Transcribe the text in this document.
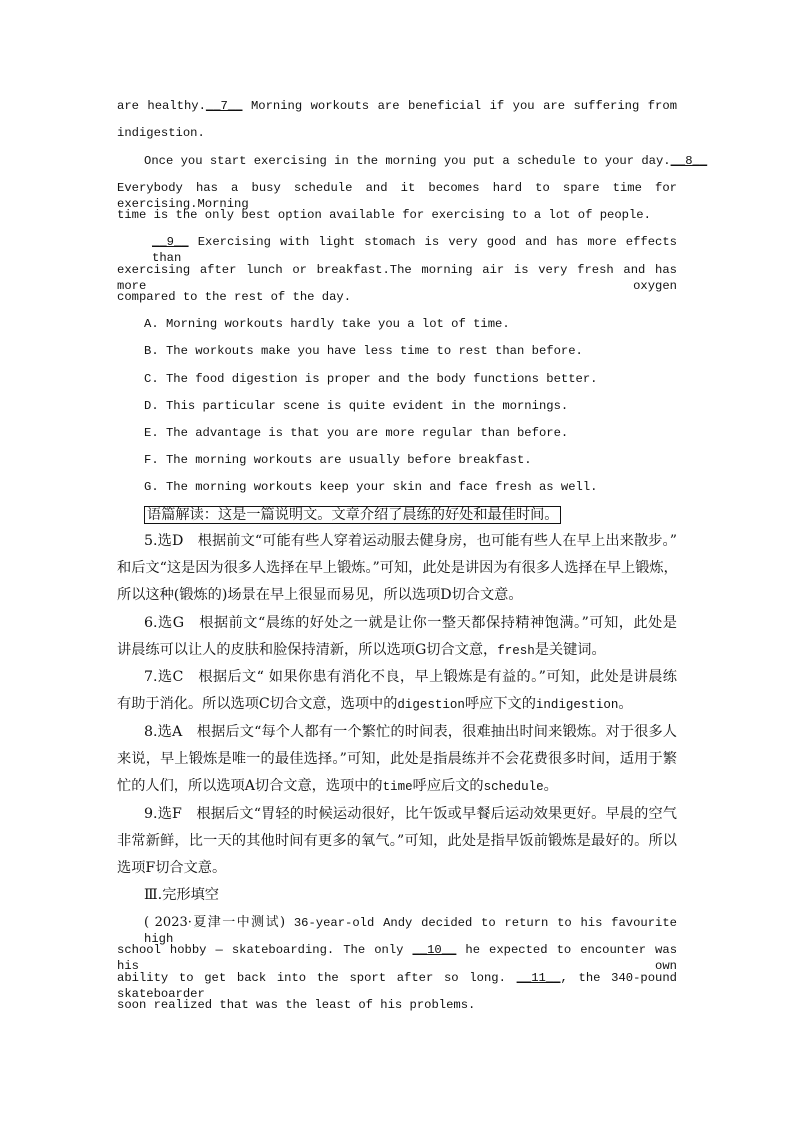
are healthy.__7__ Morning workouts are beneficial if you are suffering from
indigestion.
Once you start exercising in the morning you put a schedule to your day.__8__
Everybody has a busy schedule and it becomes hard to spare time for exercising.Morning
time is the only best option available for exercising to a lot of people.
__9__ Exercising with light stomach is very good and has more effects than
exercising after lunch or breakfast.The morning air is very fresh and has more oxygen
compared to the rest of the day.
A. Morning workouts hardly take you a lot of time.
B. The workouts make you have less time to rest than before.
C. The food digestion is proper and the body functions better.
D. This particular scene is quite evident in the mornings.
E. The advantage is that you are more regular than before.
F. The morning workouts are usually before breakfast.
G. The morning workouts keep your skin and face fresh as well.
语篇解读：这是一篇说明文。文章介绍了晨练的好处和最佳时间。
5.选D　根据前文“可能有些人穿着运动服去健身房，也可能有些人在早上出来散步。”
和后文“这是因为很多人选择在早上锻炼。”可知，此处是讲因为有很多人选择在早上锻炼，
所以这种(锻炼的)场景在早上很显而易见，所以选项D切合文意。
6.选G　根据前文“晨练的好处之一就是让你一整天都保持精神饱满。”可知，此处是
讲晨练可以让人的皮肤和脸保持清新，所以选项G切合文意，fresh是关键词。
7.选C　根据后文“ 如果你患有消化不良，早上锻炼是有益的。”可知，此处是讲晨练
有助于消化。所以选项C切合文意，选项中的digestion呼应下文的indigestion。
8.选A　根据后文“每个人都有一个繁忙的时间表，很难抽出时间来锻炼。对于很多人
来说，早上锻炼是唯一的最佳选择。”可知，此处是指晨练并不会花费很多时间，适用于繁
忙的人们，所以选项A切合文意，选项中的time呼应后文的schedule。
9.选F　根据后文“胃轻的时候运动很好，比午饭或早餐后运动效果更好。早晨的空气
非常新鲜，比一天的其他时间有更多的氧气。”可知，此处是指早饭前锻炼是最好的。所以
选项F切合文意。
Ⅲ.完形填空
( 2023·夏津一中测试) 36-year-old Andy decided to return to his favourite high
school hobby — skateboarding. The only __10__ he expected to encounter was his own
ability to get back into the sport after so long. __11__, the 340-pound skateboarder
soon realized that was the least of his problems.
